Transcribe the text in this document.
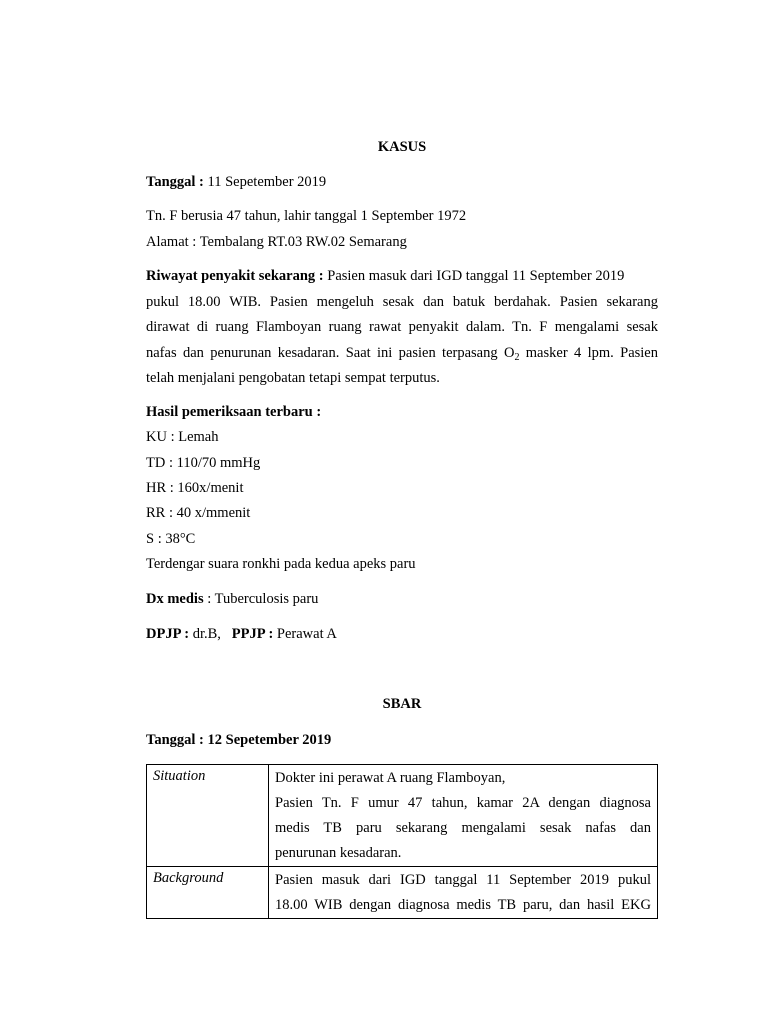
KASUS
Tanggal : 11 Sepetember 2019
Tn. F berusia 47 tahun, lahir tanggal 1 September 1972
Alamat : Tembalang RT.03 RW.02 Semarang
Riwayat penyakit sekarang : Pasien masuk dari IGD tanggal 11 September 2019
pukul 18.00 WIB. Pasien mengeluh sesak dan batuk berdahak. Pasien sekarang
dirawat di ruang Flamboyan ruang rawat penyakit dalam. Tn. F mengalami sesak
nafas dan penurunan kesadaran. Saat ini pasien terpasang $O_2$ masker 4 lpm. Pasien
telah menjalani pengobatan tetapi sempat terputus.
Hasil pemeriksaan terbaru :
KU : Lemah
TD : 110/70 mmHg
HR : 160x/menit
RR : 40 x/mmenit
S : 38°C
Terdengar suara ronkhi pada kedua apeks paru
Dx medis : Tuberculosis paru
DPJP : dr.B,   PPJP : Perawat A
SBAR
Tanggal : 12 Sepetember 2019
Situation	Dokter ini perawat A ruang Flamboyan,
Pasien Tn. F umur 47 tahun, kamar 2A dengan diagnosa
medis TB paru sekarang mengalami sesak nafas dan
penurunan kesadaran.

Background	Pasien masuk dari IGD tanggal 11 September 2019 pukul
18.00 WIB dengan diagnosa medis TB paru, dan hasil EKG
